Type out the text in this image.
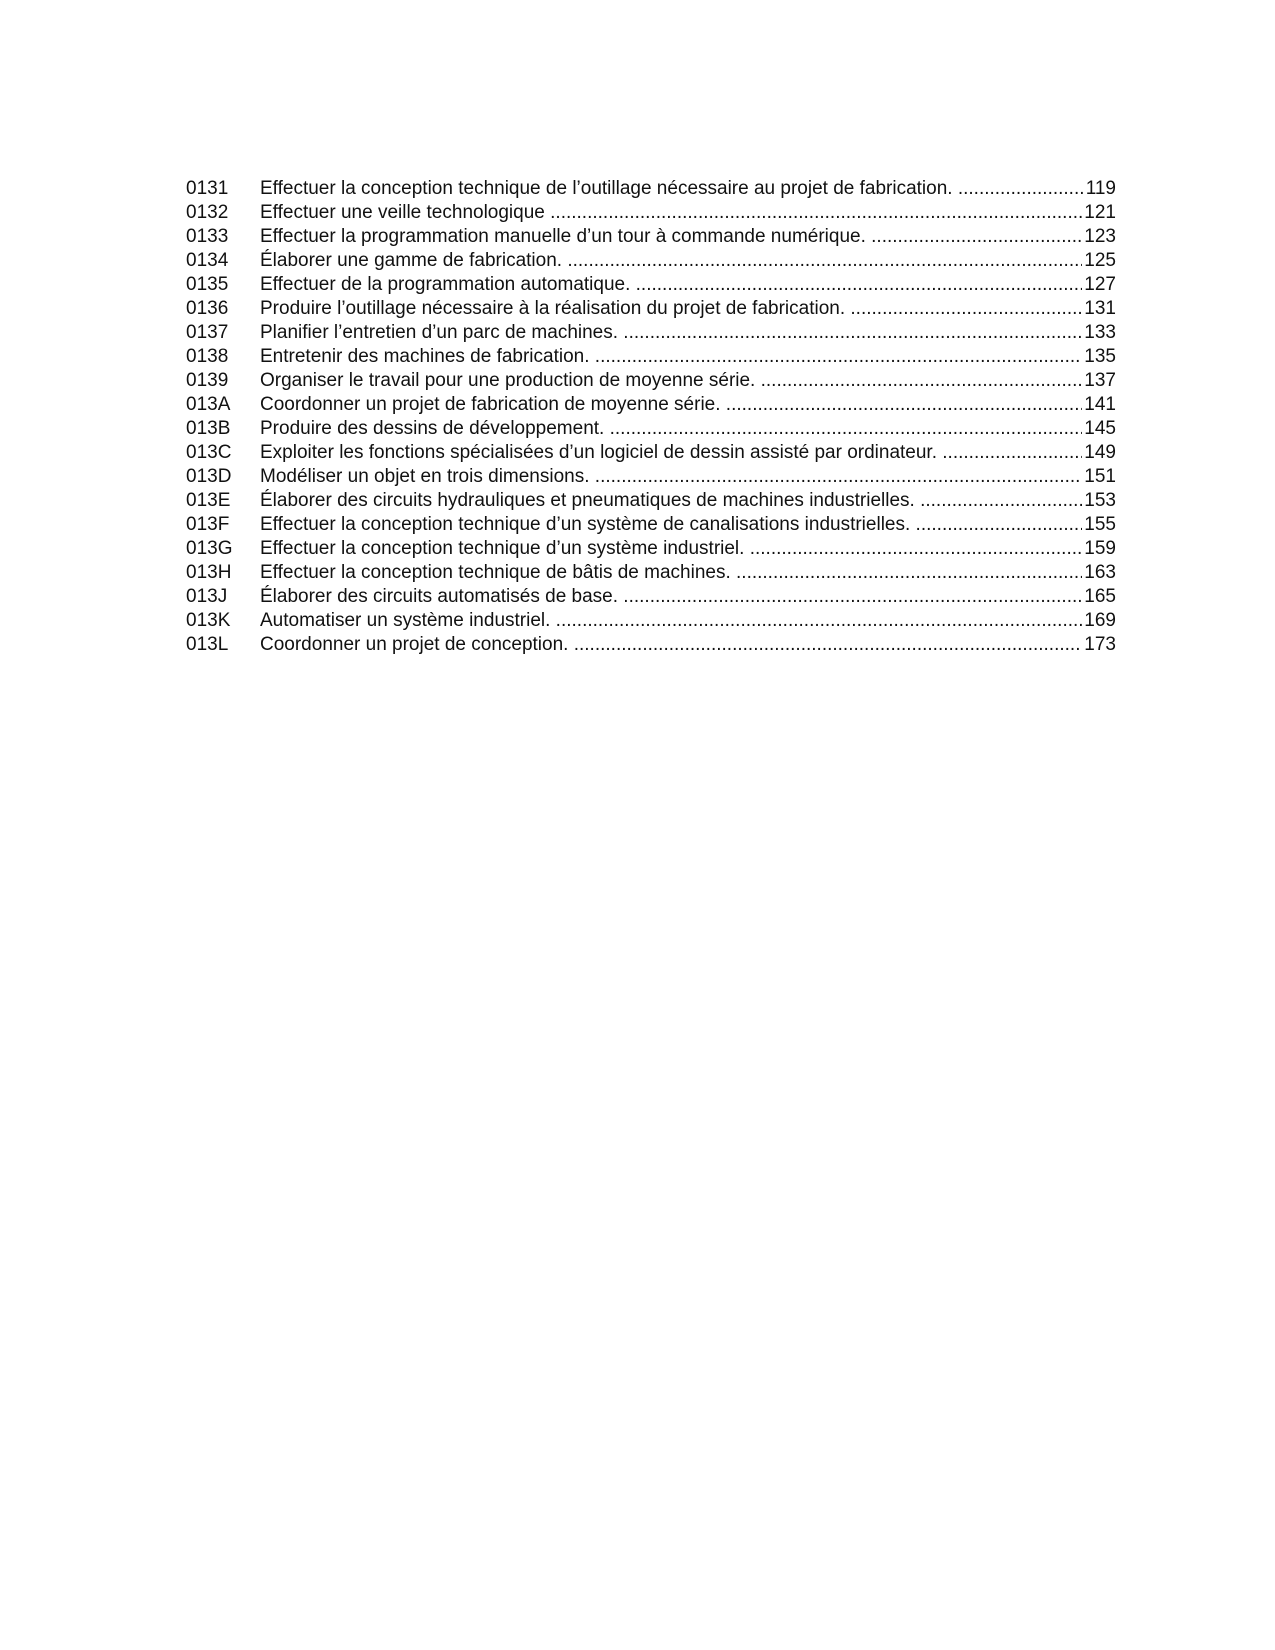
0131	Effectuer la conception technique de l’outillage nécessaire au projet de fabrication. .....	119
0132	Effectuer une veille technologique .....	121
0133	Effectuer la programmation manuelle d’un tour à commande numérique. .....	123
0134	Élaborer une gamme de fabrication. .....	125
0135	Effectuer de la programmation automatique. .....	127
0136	Produire l’outillage nécessaire à la réalisation du projet de fabrication. .....	131
0137	Planifier l’entretien d’un parc de machines. .....	133
0138	Entretenir des machines de fabrication. .....	135
0139	Organiser le travail pour une production de moyenne série. .....	137
013A	Coordonner un projet de fabrication de moyenne série. .....	141
013B	Produire des dessins de développement. .....	145
013C	Exploiter les fonctions spécialisées d’un logiciel de dessin assisté par ordinateur. .....	149
013D	Modéliser un objet en trois dimensions. .....	151
013E	Élaborer des circuits hydrauliques et pneumatiques de machines industrielles. .....	153
013F	Effectuer la conception technique d’un système de canalisations industrielles. .....	155
013G	Effectuer la conception technique d’un système industriel. .....	159
013H	Effectuer la conception technique de bâtis de machines. .....	163
013J	Élaborer des circuits automatisés de base. .....	165
013K	Automatiser un système industriel. .....	169
013L	Coordonner un projet de conception. .....	173
